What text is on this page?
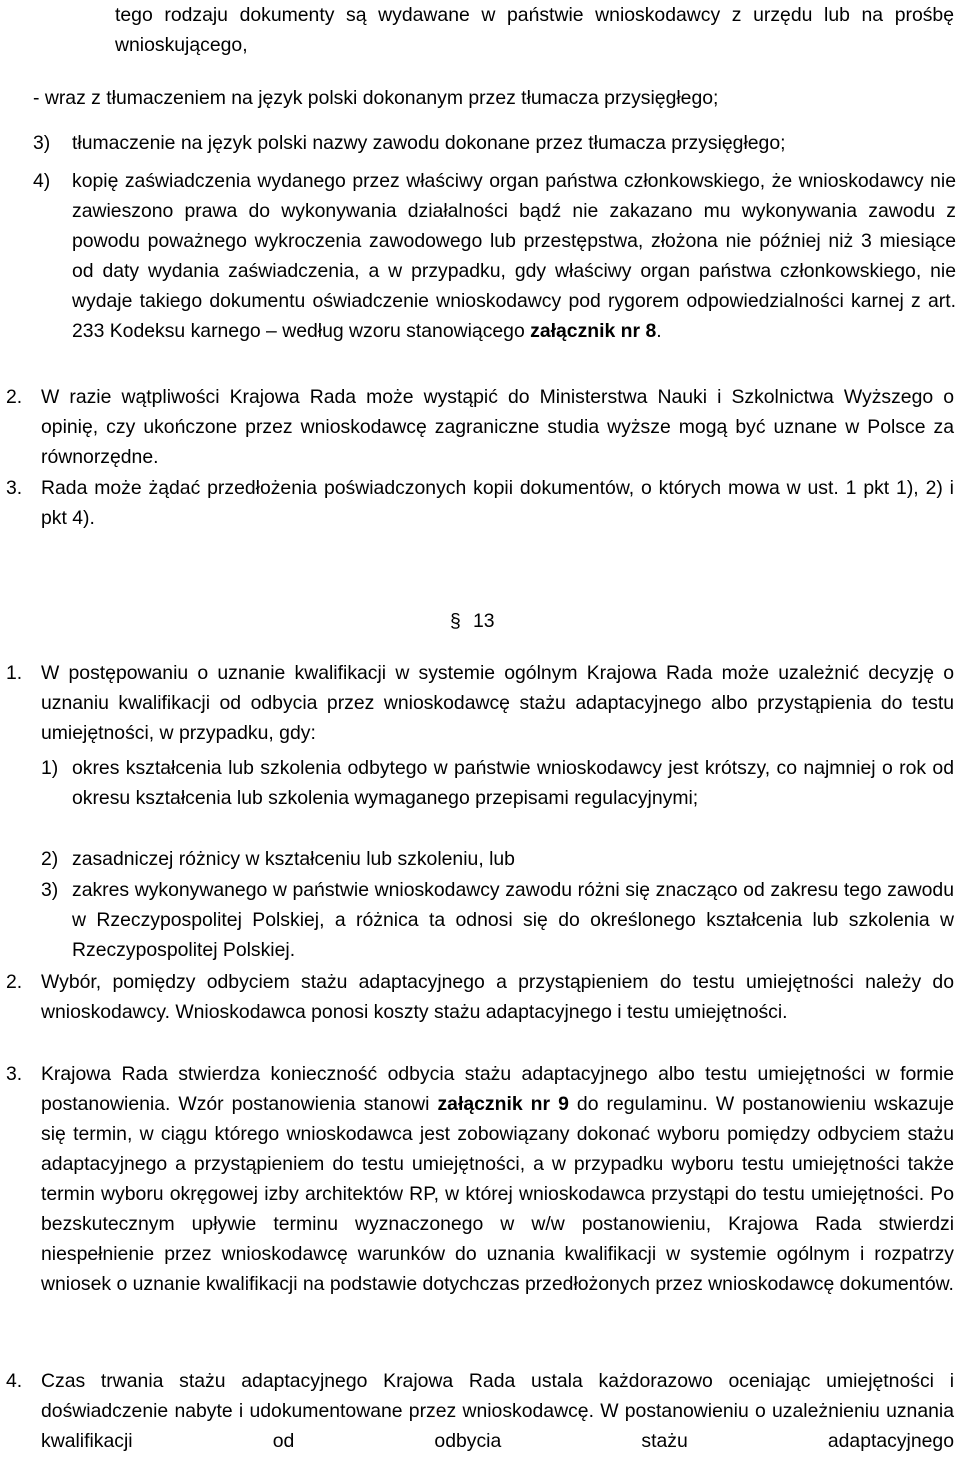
tego rodzaju dokumenty są wydawane w państwie wnioskodawcy z urzędu lub na prośbę wnioskującego,

- wraz z tłumaczeniem na język polski dokonanym przez tłumacza przysięgłego;

3) tłumaczenie na język polski nazwy zawodu dokonane przez tłumacza przysięgłego;

4) kopię zaświadczenia wydanego przez właściwy organ państwa członkowskiego, że wnioskodawcy nie zawieszono prawa do wykonywania działalności bądź nie zakazano mu wykonywania zawodu z powodu poważnego wykroczenia zawodowego lub przestępstwa, złożona nie później niż 3 miesiące od daty wydania zaświadczenia, a w przypadku, gdy właściwy organ państwa członkowskiego, nie wydaje takiego dokumentu oświadczenie wnioskodawcy pod rygorem odpowiedzialności karnej z art. 233 Kodeksu karnego – według wzoru stanowiącego załącznik nr 8.

2. W razie wątpliwości Krajowa Rada może wystąpić do Ministerstwa Nauki i Szkolnictwa Wyższego o opinię, czy ukończone przez wnioskodawcę zagraniczne studia wyższe mogą być uznane w Polsce za równorzędne.

3. Rada może żądać przedłożenia poświadczonych kopii dokumentów, o których mowa w ust. 1 pkt 1), 2) i pkt 4).

§ 13
1. W postępowaniu o uznanie kwalifikacji w systemie ogólnym Krajowa Rada może uzależnić decyzję o uznaniu kwalifikacji od odbycia przez wnioskodawcę stażu adaptacyjnego albo przystąpienia do testu umiejętności, w przypadku, gdy:

1) okres kształcenia lub szkolenia odbytego w państwie wnioskodawcy jest krótszy, co najmniej o rok od okresu kształcenia lub szkolenia wymaganego przepisami regulacyjnymi;

2) zasadniczej różnicy w kształceniu lub szkoleniu, lub

3) zakres wykonywanego w państwie wnioskodawcy zawodu różni się znacząco od zakresu tego zawodu w Rzeczypospolitej Polskiej, a różnica ta odnosi się do określonego kształcenia lub szkolenia w Rzeczypospolitej Polskiej.

2. Wybór, pomiędzy odbyciem stażu adaptacyjnego a przystąpieniem do testu umiejętności należy do wnioskodawcy. Wnioskodawca ponosi koszty stażu adaptacyjnego i testu umiejętności.

3. Krajowa Rada stwierdza konieczność odbycia stażu adaptacyjnego albo testu umiejętności w formie postanowienia. Wzór postanowienia stanowi załącznik nr 9 do regulaminu. W postanowieniu wskazuje się termin, w ciągu którego wnioskodawca jest zobowiązany dokonać wyboru pomiędzy odbyciem stażu adaptacyjnego a przystąpieniem do testu umiejętności, a w przypadku wyboru testu umiejętności także termin wyboru okręgowej izby architektów RP, w której wnioskodawca przystąpi do testu umiejętności. Po bezskutecznym upływie terminu wyznaczonego w w/w postanowieniu, Krajowa Rada stwierdzi niespełnienie przez wnioskodawcę warunków do uznania kwalifikacji w systemie ogólnym i rozpatrzy wniosek o uznanie kwalifikacji na podstawie dotychczas przedłożonych przez wnioskodawcę dokumentów.

4. Czas trwania stażu adaptacyjnego Krajowa Rada ustala każdorazowo oceniając umiejętności i doświadczenie nabyte i udokumentowane przez wnioskodawcę. W postanowieniu o uzależnieniu uznania kwalifikacji od odbycia stażu adaptacyjnego
